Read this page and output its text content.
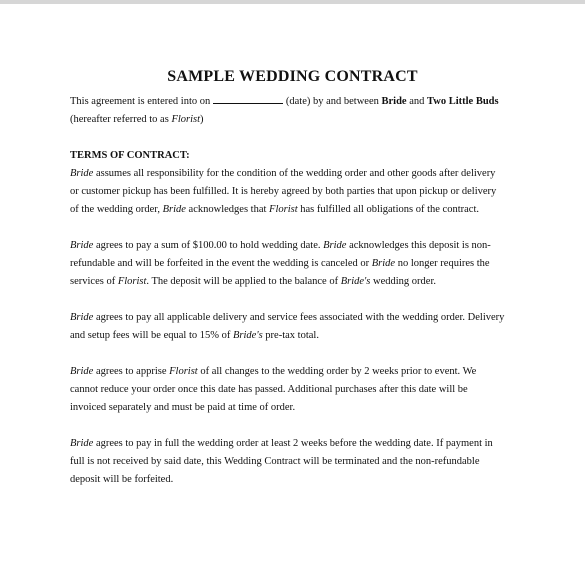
SAMPLE WEDDING CONTRACT
This agreement is entered into on	(date) by and between Bride and Two Little Buds
(hereafter referred to as Florist)
TERMS OF CONTRACT:
Bride assumes all responsibility for the condition of the wedding order and other goods after delivery
or customer pickup has been fulfilled. It is hereby agreed by both parties that upon pickup or delivery
of the wedding order, Bride acknowledges that Florist has fulfilled all obligations of the contract.
Bride agrees to pay a sum of $100.00 to hold wedding date. Bride acknowledges this deposit is non-
refundable and will be forfeited in the event the wedding is canceled or Bride no longer requires the
services of Florist. The deposit will be applied to the balance of Bride's wedding order.
Bride agrees to pay all applicable delivery and service fees associated with the wedding order. Delivery
and setup fees will be equal to 15% of Bride's pre-tax total.
Bride agrees to apprise Florist of all changes to the wedding order by 2 weeks prior to event. We
cannot reduce your order once this date has passed. Additional purchases after this date will be
invoiced separately and must be paid at time of order.
Bride agrees to pay in full the wedding order at least 2 weeks before the wedding date. If payment in
full is not received by said date, this Wedding Contract will be terminated and the non-refundable
deposit will be forfeited.
